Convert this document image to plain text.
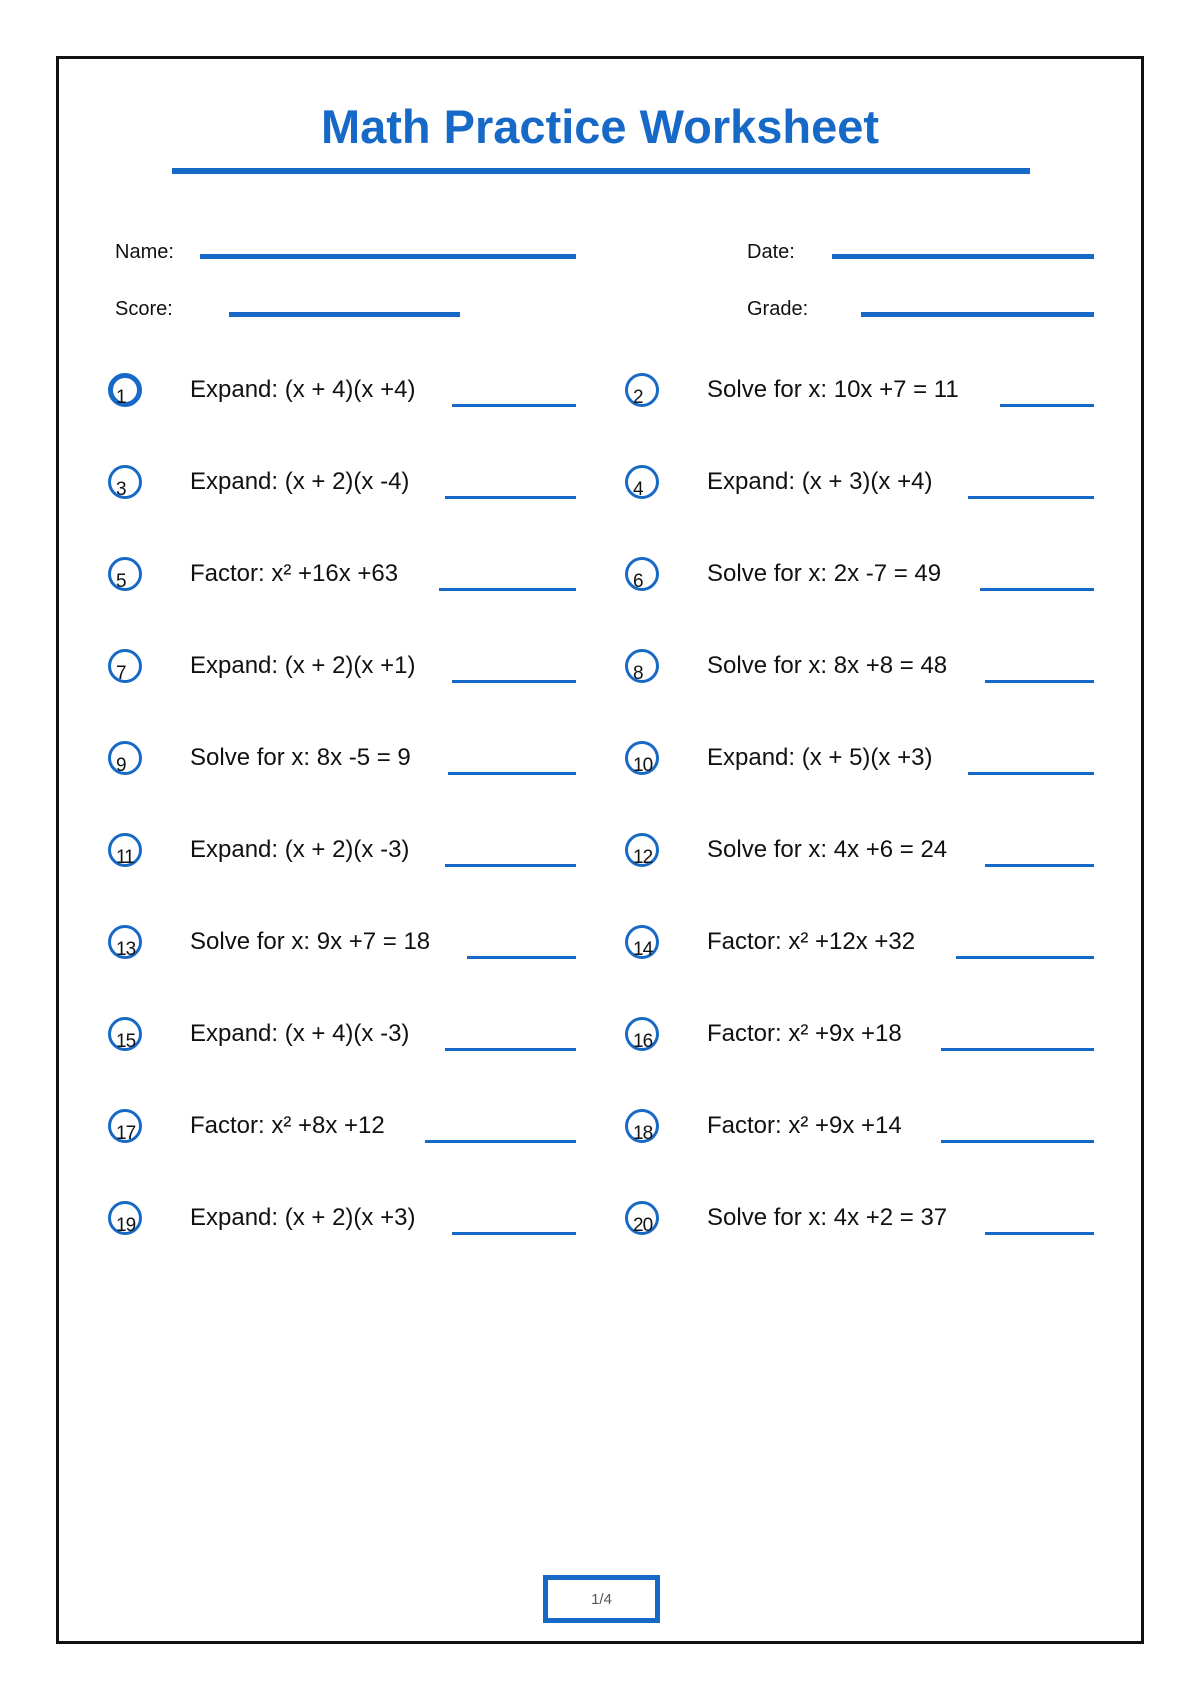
Math Practice Worksheet
Name:	Date:
Score:	Grade:
1	Expand: (x + 4)(x +4)	2	Solve for x: 10x +7 = 11
3	Expand: (x + 2)(x -4)	4	Expand: (x + 3)(x +4)
5	Factor: x² +16x +63	6	Solve for x: 2x -7 = 49
7	Expand: (x + 2)(x +1)	8	Solve for x: 8x +8 = 48
9	Solve for x: 8x -5 = 9	10 Expand: (x + 5)(x +3)
11 Expand: (x + 2)(x -3)	12 Solve for x: 4x +6 = 24
13 Solve for x: 9x +7 = 18	14 Factor: x² +12x +32
15 Expand: (x + 4)(x -3)	16 Factor: x² +9x +18
17 Factor: x² +8x +12	18 Factor: x² +9x +14
19 Expand: (x + 2)(x +3)	20 Solve for x: 4x +2 = 37
1/4
